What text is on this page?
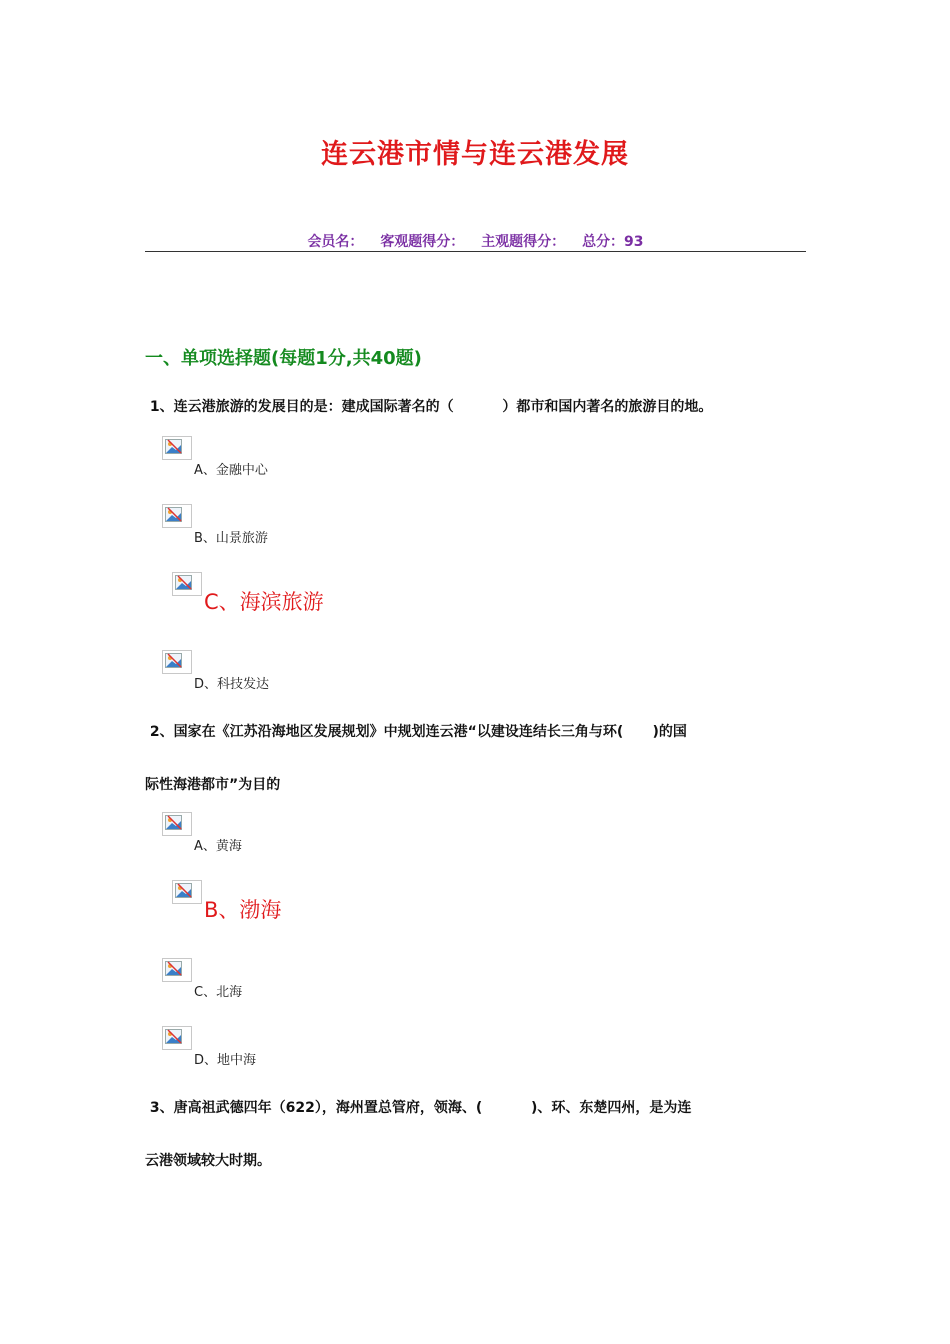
连云港市情与连云港发展
会员名： 客观题得分： 主观题得分： 总分：93
一、单项选择题(每题1分,共40题)
1、连云港旅游的发展目的是：建成国际著名的（          ）都市和国内著名的旅游目的地。
A、金融中心
B、山景旅游
C、海滨旅游
D、科技发达
2、国家在《江苏沿海地区发展规划》中规划连云港“以建设连结长三角与环(      )的国
际性海港都市”为目的
A、黄海
B、渤海
C、北海
D、地中海
3、唐高祖武德四年（622），海州置总管府，领海、(          )、环、东楚四州，是为连
云港领域较大时期。
